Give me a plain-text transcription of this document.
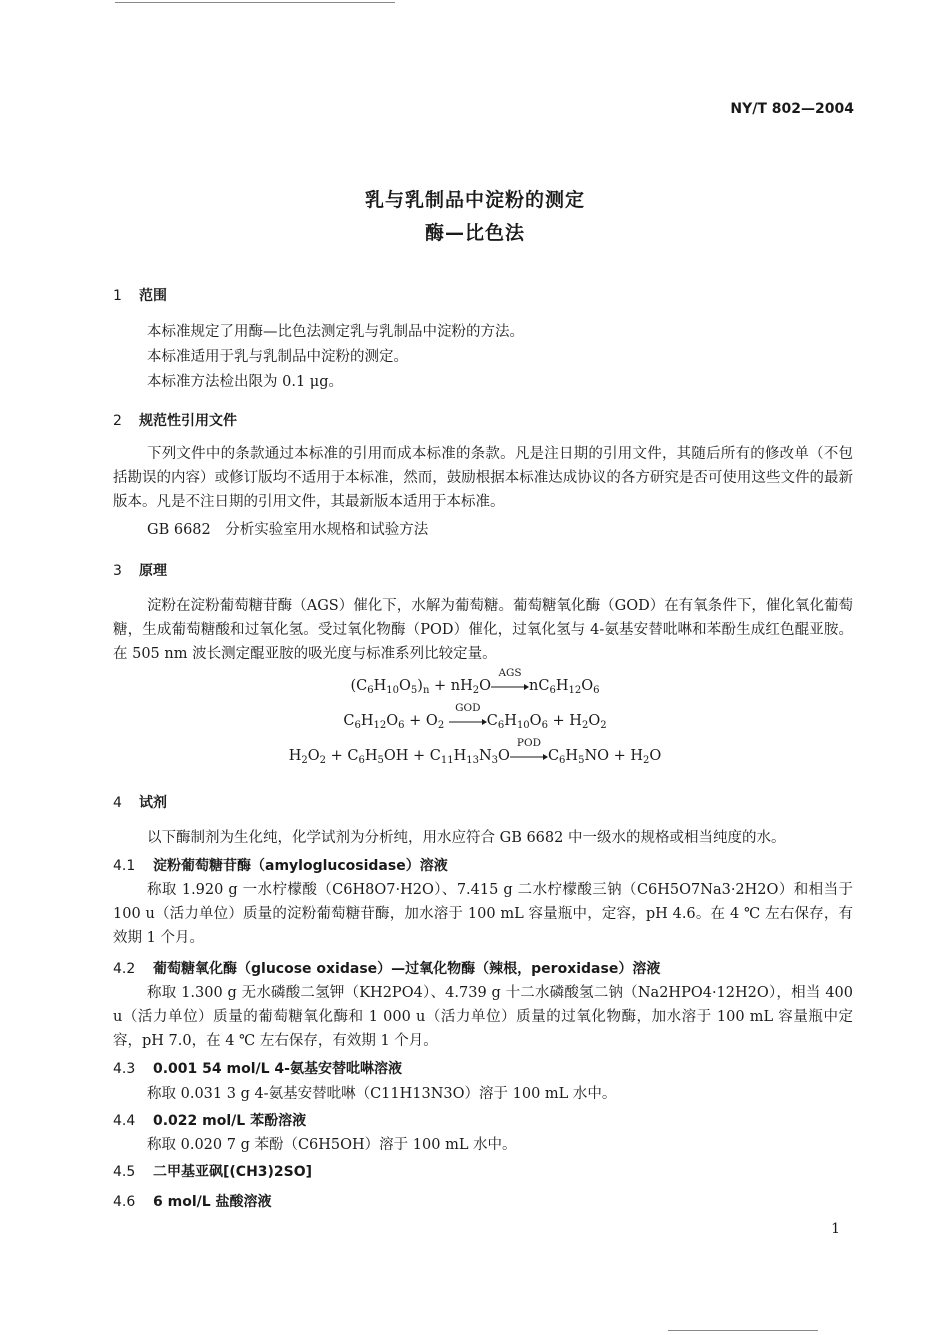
NY/T 802—2004
乳与乳制品中淀粉的测定
酶—比色法
1 范围
本标准规定了用酶—比色法测定乳与乳制品中淀粉的方法。
本标准适用于乳与乳制品中淀粉的测定。
本标准方法检出限为 0.1 μg。
2 规范性引用文件
下列文件中的条款通过本标准的引用而成本标准的条款。凡是注日期的引用文件，其随后所有的修改单（不包括勘误的内容）或修订版均不适用于本标准，然而，鼓励根据本标准达成协议的各方研究是否可使用这些文件的最新版本。凡是不注日期的引用文件，其最新版本适用于本标准。
GB 6682　分析实验室用水规格和试验方法
3 原理
淀粉在淀粉葡萄糖苷酶（AGS）催化下，水解为葡萄糖。葡萄糖氧化酶（GOD）在有氧条件下，催化氧化葡萄糖，生成葡萄糖酸和过氧化氢。受过氧化物酶（POD）催化，过氧化氢与 4-氨基安替吡啉和苯酚生成红色醌亚胺。在 505 nm 波长测定醌亚胺的吸光度与标准系列比较定量。
$(C_6H_{10}O_5)_n + nH_2O$
AGS
$nC_6H_{12}O_6$
$C_6H_{12}O_6 + O_2$
GOD
$C_6H_{10}O_6 + H_2O_2$
$H_2O_2 + C_6H_5OH + C_{11}H_{13}N_3O$
POD
$C_6H_5NO + H_2O$
4 试剂
以下酶制剂为生化纯，化学试剂为分析纯，用水应符合 GB 6682 中一级水的规格或相当纯度的水。
4.1 淀粉葡萄糖苷酶（amyloglucosidase）溶液
称取 1.920 g 一水柠檬酸（C6H8O7·H2O）、7.415 g 二水柠檬酸三钠（C6H5O7Na3·2H2O）和相当于 100 u（活力单位）质量的淀粉葡萄糖苷酶，加水溶于 100 mL 容量瓶中，定容，pH 4.6。在 4 ℃ 左右保存，有效期 1 个月。
4.2 葡萄糖氧化酶（glucose oxidase）—过氧化物酶（辣根，peroxidase）溶液
称取 1.300 g 无水磷酸二氢钾（KH2PO4）、4.739 g 十二水磷酸氢二钠（Na2HPO4·12H2O），相当 400 u（活力单位）质量的葡萄糖氧化酶和 1 000 u（活力单位）质量的过氧化物酶，加水溶于 100 mL 容量瓶中定容，pH 7.0，在 4 ℃ 左右保存，有效期 1 个月。
4.3 0.001 54 mol/L 4-氨基安替吡啉溶液
称取 0.031 3 g 4-氨基安替吡啉（C11H13N3O）溶于 100 mL 水中。
4.4 0.022 mol/L 苯酚溶液
称取 0.020 7 g 苯酚（C6H5OH）溶于 100 mL 水中。
4.5 二甲基亚砜[(CH3)2SO]
4.6 6 mol/L 盐酸溶液
1
